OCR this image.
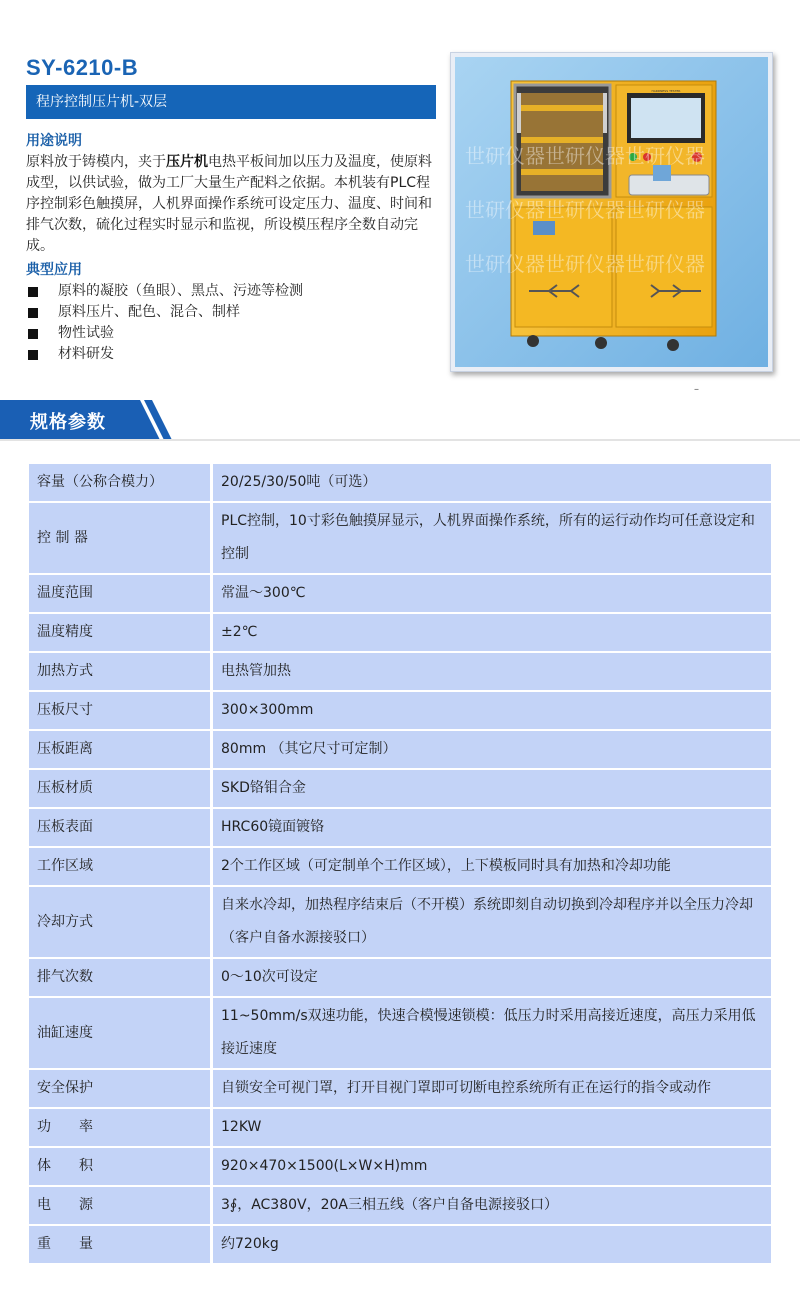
SY-6210-B
程序控制压片机-双层
用途说明
原料放于铸模内，夹于压片机电热平板间加以压力及温度，使原料成型，以供试验，做为工厂大量生产配料之依据。本机装有PLC程序控制彩色触摸屏，人机界面操作系统可设定压力、温度、时间和排气次数，硫化过程实时显示和监视，所设模压程序全数自动完成。
典型应用
原料的凝胶（鱼眼）、黑点、污迹等检测
原料压片、配色、混合、制样
物性试验
材料研发
HARDNESS TESTER
世研仪器世研仪器世研仪器
世研仪器世研仪器世研仪器
世研仪器世研仪器世研仪器
–
规格参数
容量（公称合模力）	20/25/30/50吨（可选）
控 制 器	PLC控制，10寸彩色触摸屏显示，人机界面操作系统，所有的运行动作均可任意设定和控制
温度范围	常温～300℃
温度精度	±2℃
加热方式	电热管加热
压板尺寸	300×300mm
压板距离	80mm （其它尺寸可定制）
压板材质	SKD铬钼合金
压板表面	HRC60镜面镀铬
工作区域	2个工作区域（可定制单个工作区域），上下模板同时具有加热和冷却功能
冷却方式	自来水冷却，加热程序结束后（不开模）系统即刻自动切换到冷却程序并以全压力冷却（客户自备水源接驳口）
排气次数	0～10次可设定
油缸速度	11~50mm/s双速功能，快速合模慢速锁模：低压力时采用高接近速度，高压力采用低接近速度
安全保护	自锁安全可视门罩，打开目视门罩即可切断电控系统所有正在运行的指令或动作
功　　率	12KW
体　　积	920×470×1500(L×W×H)mm
电　　源	3∮，AC380V，20A三相五线（客户自备电源接驳口）
重　　量	约720kg
